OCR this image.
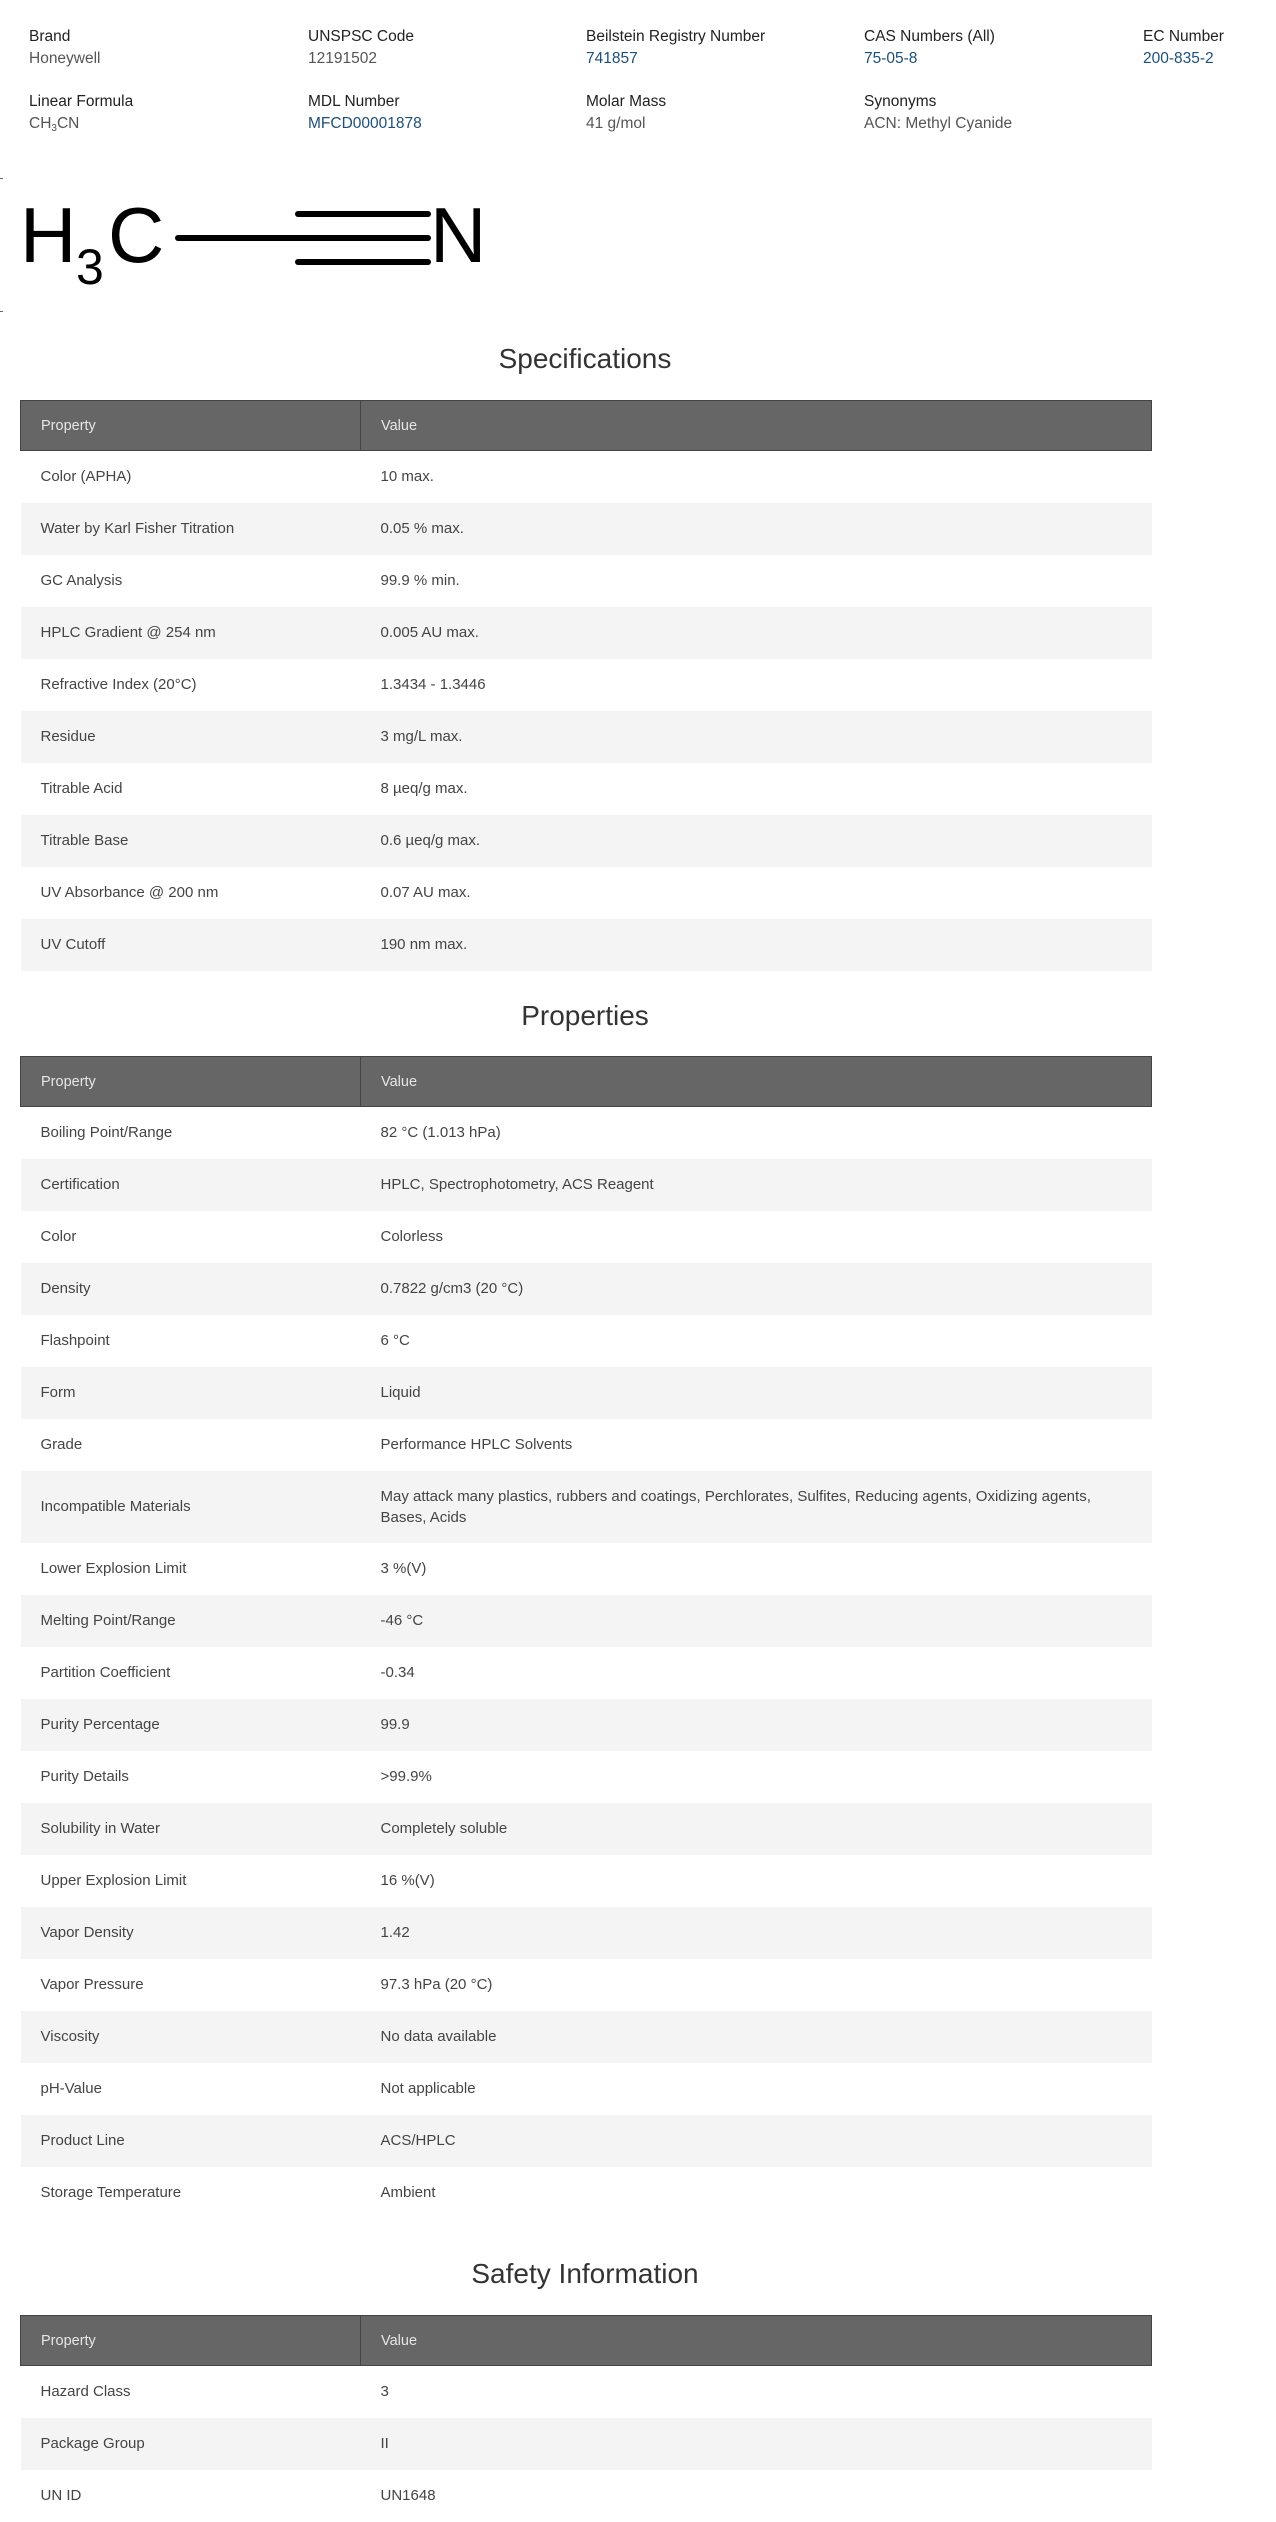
Brand
Honeywell
UNSPSC Code
12191502
Beilstein Registry Number
741857
CAS Numbers (All)
75-05-8
EC Number
200-835-2
Linear Formula
$CH_3CN$
MDL Number
MFCD00001878
Molar Mass
41 g/mol
Synonyms
ACN: Methyl Cyanide
H 3 C	N
Specifications
Property	Value
Color (APHA)	10 max.
Water by Karl Fisher Titration	0.05 % max.
GC Analysis	99.9 % min.
HPLC Gradient @ 254 nm	0.005 AU max.
Refractive Index (20°C)	1.3434 - 1.3446
Residue	3 mg/L max.
Titrable Acid	8 µeq/g max.
Titrable Base	0.6 µeq/g max.
UV Absorbance @ 200 nm	0.07 AU max.
UV Cutoff	190 nm max.
Properties
Property	Value
Boiling Point/Range	82 °C (1.013 hPa)
Certification	HPLC, Spectrophotometry, ACS Reagent
Color	Colorless
Density	0.7822 g/cm3 (20 °C)
Flashpoint	6 °C
Form	Liquid
Grade	Performance HPLC Solvents
Incompatible Materials	May attack many plastics, rubbers and coatings, Perchlorates, Sulfites, Reducing agents, Oxidizing agents, Bases, Acids
Lower Explosion Limit	3 %(V)
Melting Point/Range	-46 °C
Partition Coefficient	-0.34
Purity Percentage	99.9
Purity Details	>99.9%
Solubility in Water	Completely soluble
Upper Explosion Limit	16 %(V)
Vapor Density	1.42
Vapor Pressure	97.3 hPa (20 °C)
Viscosity	No data available
pH-Value	Not applicable
Product Line	ACS/HPLC
Storage Temperature	Ambient
Safety Information
Property	Value
Hazard Class	3
Package Group	II
UN ID	UN1648
